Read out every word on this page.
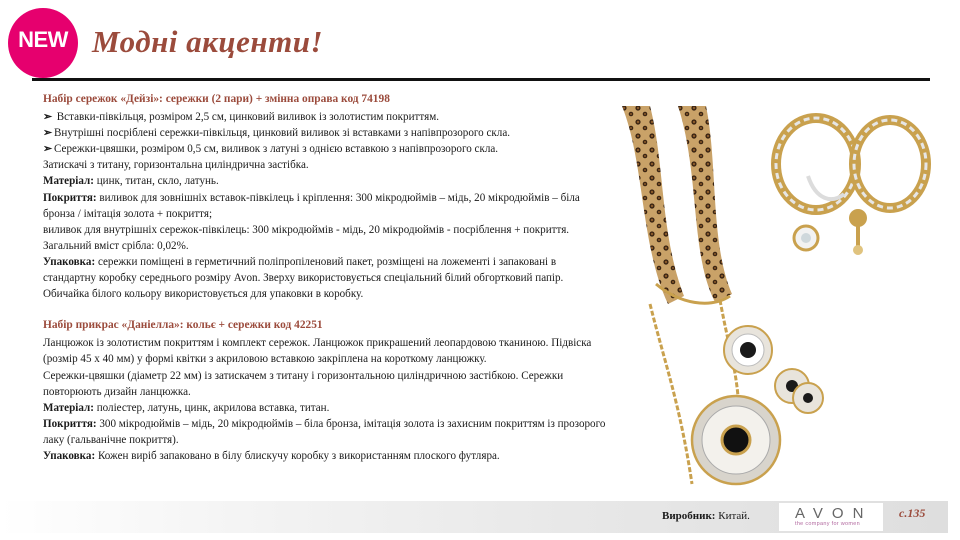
NEW Модні акценти!

Набір сережок «Дейзі»: сережки (2 пари) + змінна оправа код 74198

➢ Вставки-півкільця, розміром 2,5 см, цинковий виливок із золотистим покриттям.

➢ Внутрішні посріблені сережки-півкільця, цинковий виливок зі вставками з напівпрозорого скла.

➢ Сережки-цвяшки, розміром 0,5 см, виливок з латуні з однією вставкою з напівпрозорого скла.

Затискачі з титану, горизонтальна циліндрична застібка.

Матеріал: цинк, титан, скло, латунь.

Покриття: виливок для зовнішніх вставок-півкілець і кріплення: 300 мікродюймів – мідь, 20 мікродюймів – біла бронза / імітація золота + покриття;

виливок для внутрішніх сережок-півкілець: 300 мікродюймів - мідь, 20 мікродюймів - посріблення + покриття. Загальний вміст срібла: 0,02%.

Упаковка: сережки поміщені в герметичний поліпропіленовий пакет, розміщені на ложементі і запаковані в стандартну коробку середнього розміру Avon. Зверху використовується спеціальний білий обгортковий папір. Обичайка білого кольору використовується для упаковки в коробку.

Набір прикрас «Даніелла»: кольє + сережки код 42251

Ланцюжок із золотистим покриттям і комплект сережок. Ланцюжок прикрашений леопардовою тканиною. Підвіска (розмір 45 х 40 мм) у формі квітки з акриловою вставкою закріплена на короткому ланцюжку.

Сережки-цвяшки (діаметр 22 мм) із затискачем з титану і горизонтальною циліндричною застібкою. Сережки повторюють дизайн ланцюжка.

Матеріал: поліестер, латунь, цинк, акрилова вставка, титан.

Покриття: 300 мікродюймів – мідь, 20 мікродюймів – біла бронза, імітація золота із захисним покриттям із прозорого лаку (гальванічне покриття).

Упаковка: Кожен виріб запаковано в білу блискучу коробку з використанням плоского футляра.

Виробник: Китай.	AVON
the company for women
с.135
